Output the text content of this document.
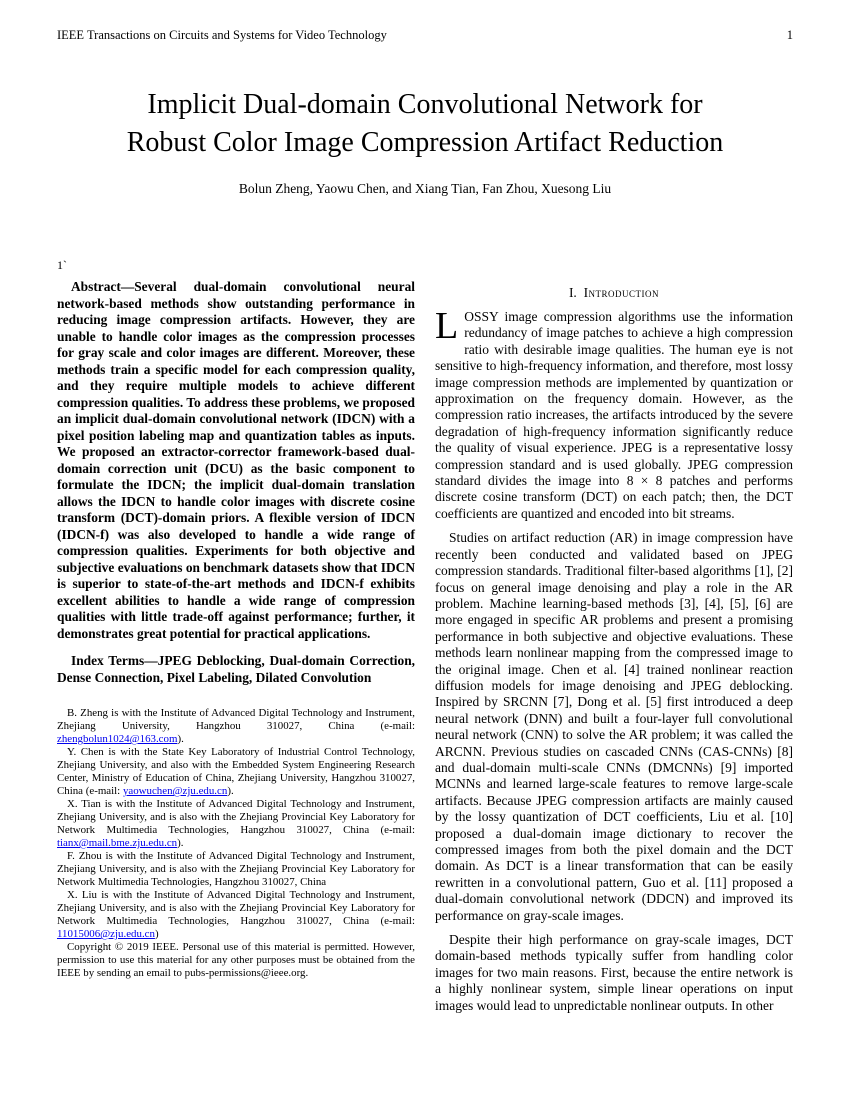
IEEE Transactions on Circuits and Systems for Video Technology	1
Implicit Dual-domain Convolutional Network for Robust Color Image Compression Artifact Reduction
Bolun Zheng, Yaowu Chen, and Xiang Tian, Fan Zhou, Xuesong Liu
1`

Abstract—Several dual-domain convolutional neural network-based methods show outstanding performance in reducing image compression artifacts. However, they are unable to handle color images as the compression processes for gray scale and color images are different. Moreover, these methods train a specific model for each compression quality, and they require multiple models to achieve different compression qualities. To address these problems, we proposed an implicit dual-domain convolutional network (IDCN) with a pixel position labeling map and quantization tables as inputs. We proposed an extractor-corrector framework-based dual-domain correction unit (DCU) as the basic component to formulate the IDCN; the implicit dual-domain translation allows the IDCN to handle color images with discrete cosine transform (DCT)-domain priors. A flexible version of IDCN (IDCN-f) was also developed to handle a wide range of compression qualities. Experiments for both objective and subjective evaluations on benchmark datasets show that IDCN is superior to state-of-the-art methods and IDCN-f exhibits excellent abilities to handle a wide range of compression qualities with little trade-off against performance; further, it demonstrates great potential for practical applications.

Index Terms—JPEG Deblocking, Dual-domain Correction, Dense Connection, Pixel Labeling, Dilated Convolution

B. Zheng is with the Institute of Advanced Digital Technology and Instrument, Zhejiang University, Hangzhou 310027, China (e-mail: zhengbolun1024@163.com).

Y. Chen is with the State Key Laboratory of Industrial Control Technology, Zhejiang University, and also with the Embedded System Engineering Research Center, Ministry of Education of China, Zhejiang University, Hangzhou 310027, China (e-mail: yaowuchen@zju.edu.cn).

X. Tian is with the Institute of Advanced Digital Technology and Instrument, Zhejiang University, and is also with the Zhejiang Provincial Key Laboratory for Network Multimedia Technologies, Hangzhou 310027, China (e-mail: tianx@mail.bme.zju.edu.cn).

F. Zhou is with the Institute of Advanced Digital Technology and Instrument, Zhejiang University, and is also with the Zhejiang Provincial Key Laboratory for Network Multimedia Technologies, Hangzhou 310027, China

X. Liu is with the Institute of Advanced Digital Technology and Instrument, Zhejiang University, and is also with the Zhejiang Provincial Key Laboratory for Network Multimedia Technologies, Hangzhou 310027, China (e-mail: 11015006@zju.edu.cn)

Copyright © 2019 IEEE. Personal use of this material is permitted. However, permission to use this material for any other purposes must be obtained from the IEEE by sending an email to pubs-permissions@ieee.org.

I. Introduction

LOSSY image compression algorithms use the information redundancy of image patches to achieve a high compression ratio with desirable image qualities. The human eye is not sensitive to high-frequency information, and therefore, most lossy image compression methods are implemented by quantization or approximation on the frequency domain. However, as the compression ratio increases, the artifacts introduced by the severe degradation of high-frequency information significantly reduce the quality of visual experience. JPEG is a representative lossy compression standard and is used globally. JPEG compression standard divides the image into 8 × 8 patches and performs discrete cosine transform (DCT) on each patch; then, the DCT coefficients are quantized and encoded into bit streams.

Studies on artifact reduction (AR) in image compression have recently been conducted and validated based on JPEG compression standards. Traditional filter-based algorithms [1], [2] focus on general image denoising and play a role in the AR problem. Machine learning-based methods [3], [4], [5], [6] are more engaged in specific AR problems and present a promising performance in both subjective and objective evaluations. These methods learn nonlinear mapping from the compressed image to the original image. Chen et al. [4] trained nonlinear reaction diffusion models for image denoising and JPEG deblocking. Inspired by SRCNN [7], Dong et al. [5] first introduced a deep neural network (DNN) and built a four-layer full convolutional neural network (CNN) to solve the AR problem; it was called the ARCNN. Previous studies on cascaded CNNs (CAS-CNNs) [8] and dual-domain multi-scale CNNs (DMCNNs) [9] imported MCNNs and learned large-scale features to remove large-scale artifacts. Because JPEG compression artifacts are mainly caused by the lossy quantization of DCT coefficients, Liu et al. [10] proposed a dual-domain image dictionary to recover the compressed images from both the pixel domain and the DCT domain. As DCT is a linear transformation that can be easily rewritten in a convolutional pattern, Guo et al. [11] proposed a dual-domain convolutional network (DDCN) and improved its performance on gray-scale images.

Despite their high performance on gray-scale images, DCT domain-based methods typically suffer from handling color images for two main reasons. First, because the entire network is a highly nonlinear system, simple linear operations on input images would lead to unpredictable nonlinear outputs. In other
